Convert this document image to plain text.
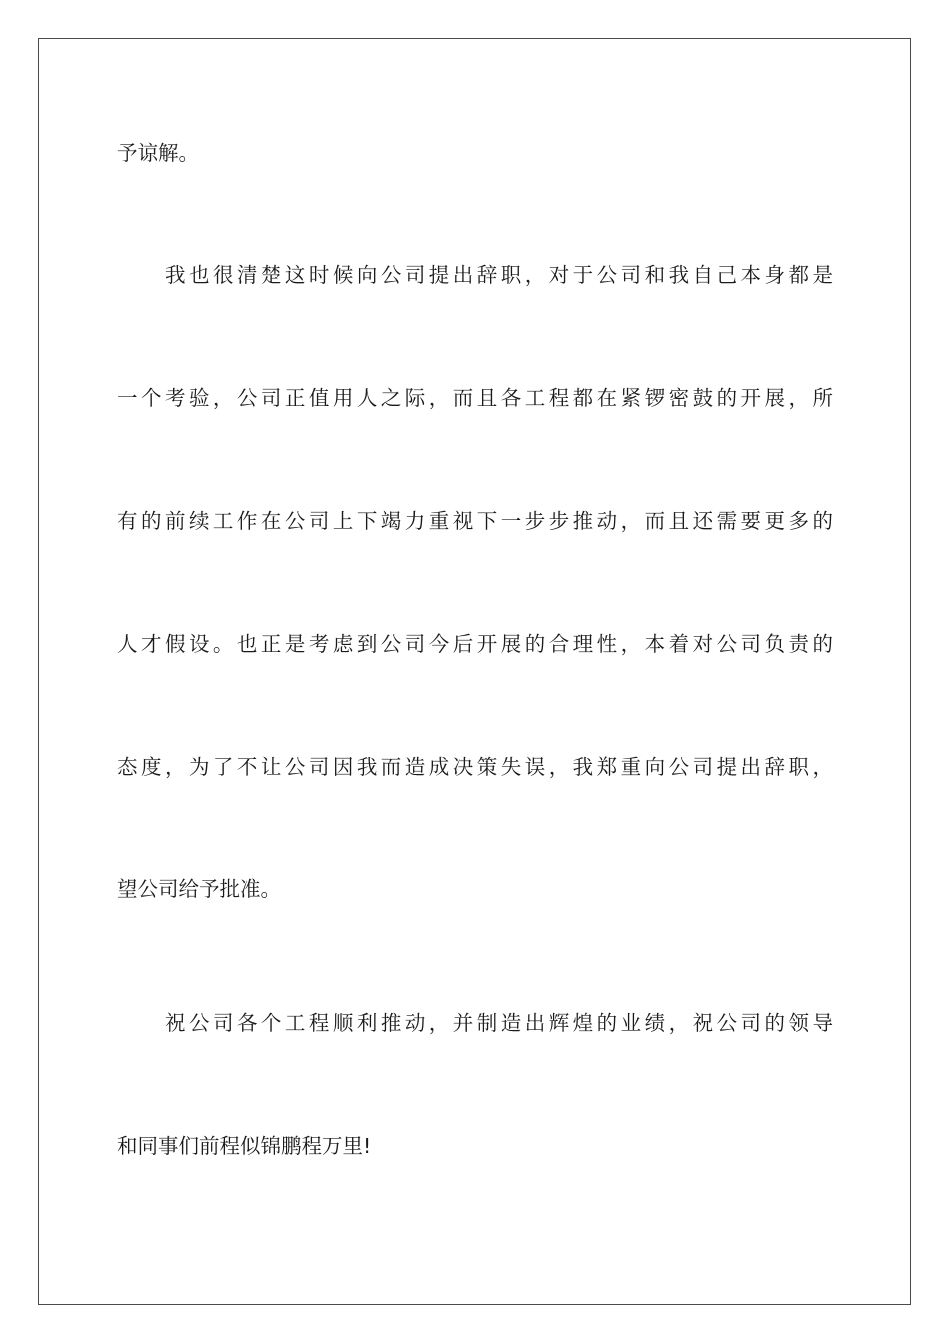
予谅解。
我也很清楚这时候向公司提出辞职，对于公司和我自己本身都是
一个考验，公司正值用人之际，而且各工程都在紧锣密鼓的开展，所
有的前续工作在公司上下竭力重视下一步步推动，而且还需要更多的
人才假设。也正是考虑到公司今后开展的合理性，本着对公司负责的
态度，为了不让公司因我而造成决策失误，我郑重向公司提出辞职，
望公司给予批准。
祝公司各个工程顺利推动，并制造出辉煌的业绩，祝公司的领导
和同事们前程似锦鹏程万里!
